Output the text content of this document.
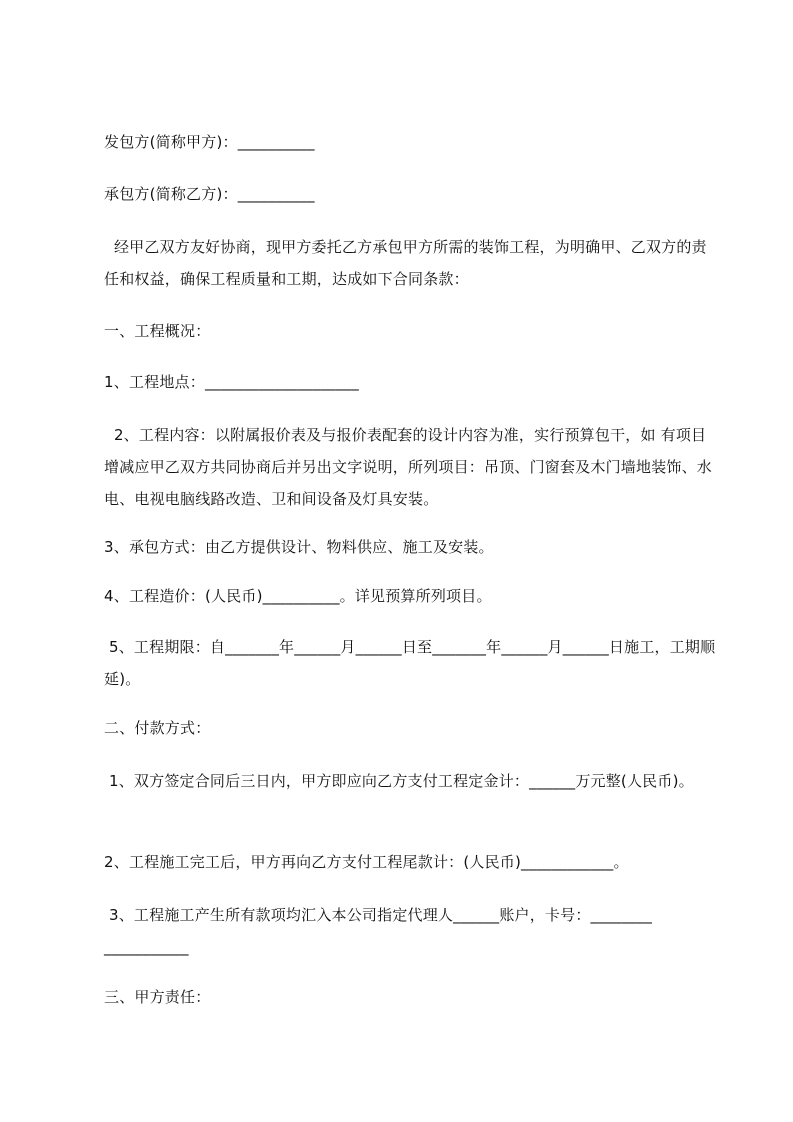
发包方(简称甲方)：__________

承包方(简称乙方)：__________

经甲乙双方友好协商，现甲方委托乙方承包甲方所需的装饰工程，为明确甲、乙双方的责任和权益，确保工程质量和工期，达成如下合同条款：

一、工程概况：

1、工程地点：____________________

2、工程内容：以附属报价表及与报价表配套的设计内容为准，实行预算包干，如 有项目增减应甲乙双方共同协商后并另出文字说明，所列项目：吊顶、门窗套及木门墙地装饰、水电、电视电脑线路改造、卫和间设备及灯具安装。

3、承包方式：由乙方提供设计、物料供应、施工及安装。

4、工程造价：(人民币)__________。详见预算所列项目。

5、工程期限：自_______年______月______日至_______年______月______日施工，工期顺延)。

二、付款方式：

1、双方签定合同后三日内，甲方即应向乙方支付工程定金计：______万元整(人民币)。

2、工程施工完工后，甲方再向乙方支付工程尾款计：(人民币)____________。

3、工程施工产生所有款项均汇入本公司指定代理人______账户，卡号：________ ___________

三、甲方责任：
